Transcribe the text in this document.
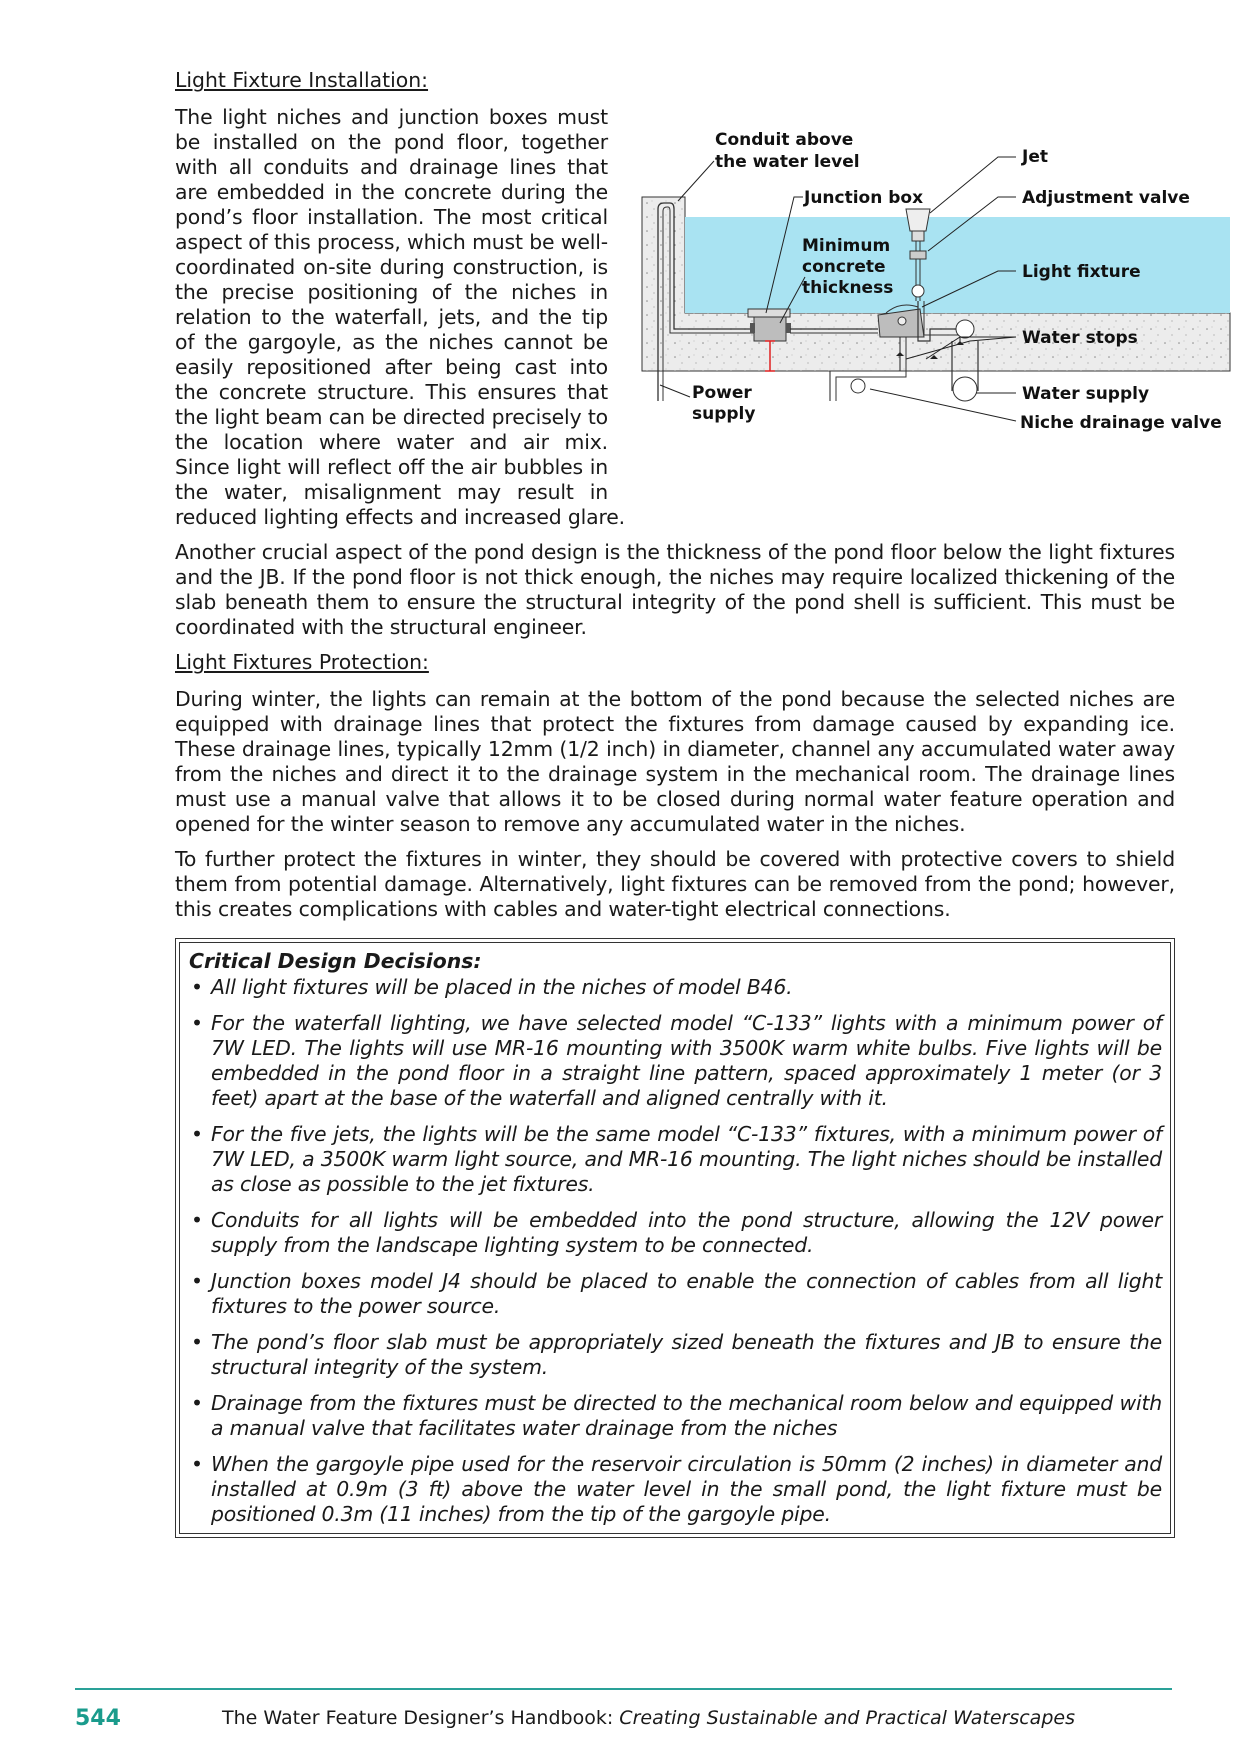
Light Fixture Installation:
Conduit above
the water level	Jet
Junction box	Adjustment valve
Minimum
concrete
thickness
Light fixture
Water stops
Power
supply
Water supply
Niche drainage valve

The light niches and junction boxes must be installed on the pond floor, together with all conduits and drainage lines that are embedded in the concrete during the pond’s floor installation. The most critical aspect of this process, which must be well-coordinated on-site during construction, is the precise positioning of the niches in relation to the waterfall, jets, and the tip of the gargoyle, as the niches cannot be easily repositioned after being cast into the concrete structure. This ensures that the light beam can be directed precisely to the location where water and air mix. Since light will reflect off the air bubbles in the water, misalignment may result in reduced lighting effects and increased glare.

Another crucial aspect of the pond design is the thickness of the pond floor below the light fixtures and the JB. If the pond floor is not thick enough, the niches may require localized thickening of the slab beneath them to ensure the structural integrity of the pond shell is sufficient. This must be coordinated with the structural engineer.

Light Fixtures Protection:

During winter, the lights can remain at the bottom of the pond because the selected niches are equipped with drainage lines that protect the fixtures from damage caused by expanding ice. These drainage lines, typically 12mm (1/2 inch) in diameter, channel any accumulated water away from the niches and direct it to the drainage system in the mechanical room. The drainage lines must use a manual valve that allows it to be closed during normal water feature operation and opened for the winter season to remove any accumulated water in the niches.

To further protect the fixtures in winter, they should be covered with protective covers to shield them from potential damage. Alternatively, light fixtures can be removed from the pond; however, this creates complications with cables and water-tight electrical connections.

Critical Design Decisions:
• All light fixtures will be placed in the niches of model B46.
• For the waterfall lighting, we have selected model “C-133” lights with a minimum power of 7W LED. The lights will use MR-16 mounting with 3500K warm white bulbs. Five lights will be embedded in the pond floor in a straight line pattern, spaced approximately 1 meter (or 3 feet) apart at the base of the waterfall and aligned centrally with it.
• For the five jets, the lights will be the same model “C-133” fixtures, with a minimum power of 7W LED, a 3500K warm light source, and MR-16 mounting. The light niches should be installed as close as possible to the jet fixtures.
• Conduits for all lights will be embedded into the pond structure, allowing the 12V power supply from the landscape lighting system to be connected.
• Junction boxes model J4 should be placed to enable the connection of cables from all light fixtures to the power source.
• The pond’s floor slab must be appropriately sized beneath the fixtures and JB to ensure the structural integrity of the system.
• Drainage from the fixtures must be directed to the mechanical room below and equipped with a manual valve that facilitates water drainage from the niches
• When the gargoyle pipe used for the reservoir circulation is 50mm (2 inches) in diameter and installed at 0.9m (3 ft) above the water level in the small pond, the light fixture must be positioned 0.3m (11 inches) from the tip of the gargoyle pipe.
544	The Water Feature Designer’s Handbook: Creating Sustainable and Practical Waterscapes
